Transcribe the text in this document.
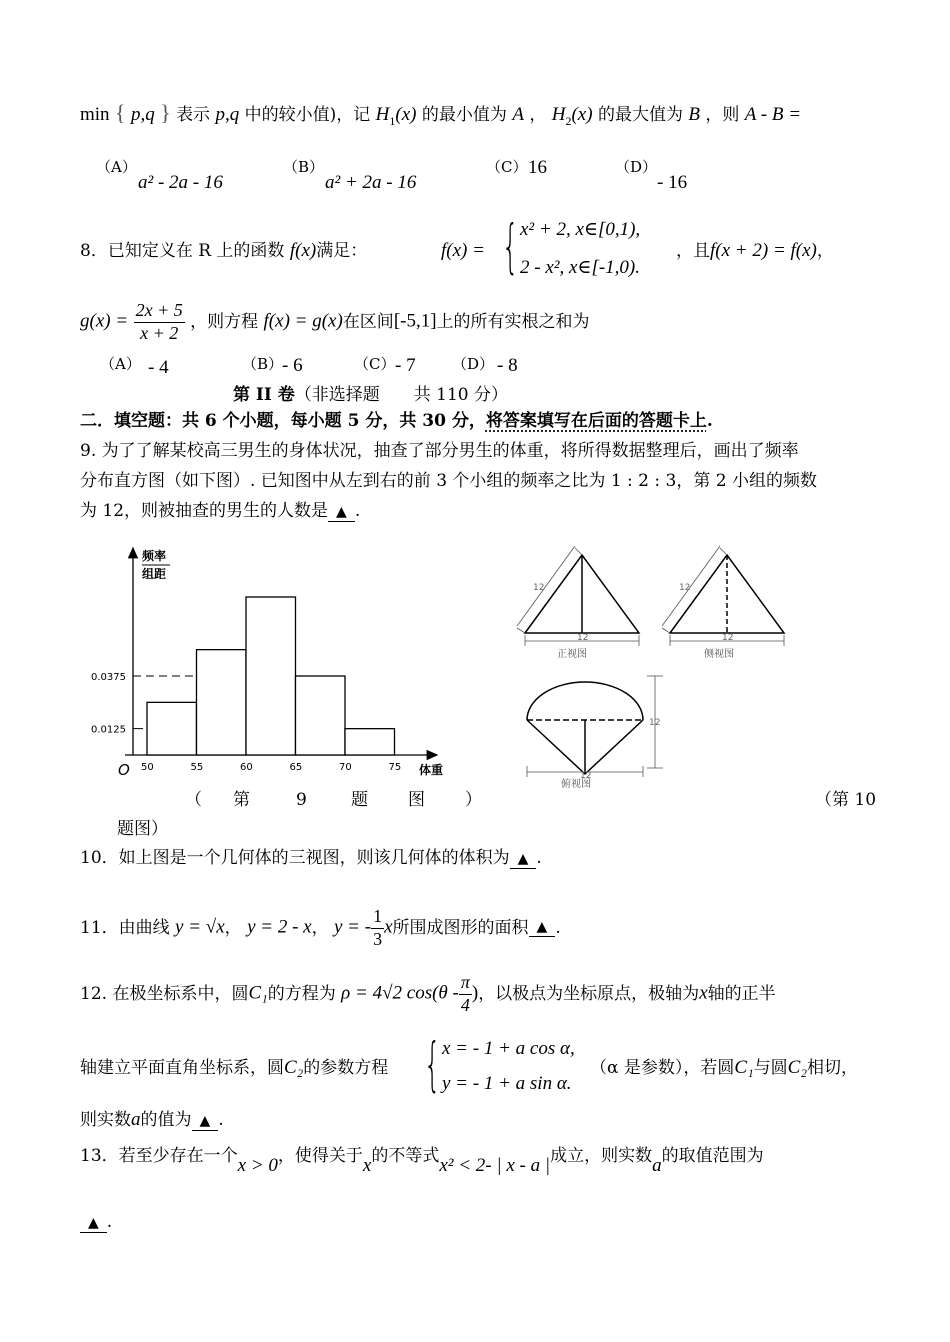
min { p,q } 表示 p,q 中的较小值)，记 $H_1(x)$ 的最小值为 A ， $H_2(x)$ 的最大值为 B ，则 A - B =
（A）
a² - 2a - 16
（B）
a² + 2a - 16
（C） 16	（D）
- 16
8．已知定义在 R 上的函数 f(x)满足：	f(x) = { x² + 2, x∈[0,1),
2 - x², x∈[-1,0).
，且f(x + 2) = f(x)，
$g(x) = \frac{2x + 5}{x + 2}$ ，则方程 f(x) = g(x)在区间[-5,1]上的所有实根之和为
（A） - 4	（B）
- 6	（C） - 7 （D） - 8
第 II 卷（非选择题　　共 110 分）
二．填空题：共 6 个小题，每小题 5 分，共 30 分，将答案填写在后面的答题卡上.
9. 为了了解某校高三男生的身体状况，抽查了部分男生的体重，将所得数据整理后，画出了频率
分布直方图（如下图）. 已知图中从左到右的前 3 个小组的频率之比为 1 : 2 : 3，第 2 小组的频数
为 12，则被抽查的男生的人数是 ▲ .
频率
组距
体重
O
0.0375
0.0125
50	55	60	65	70	75
12
12
正视图
12
12
侧视图
12
12
俯视图
（ 第	9	题 图 ）	（第 10
题图）
10．如上图是一个几何体的三视图，则该几何体的体积为 ▲ .
11．由曲线 y = √x， y = 2 - x， y = - $\frac{1}{3}$ x所围成图形的面积 ▲ .
12. 在极坐标系中，圆C₁的方程为 ρ = 4√2 $\cos(\theta - \frac{\pi}{4}$ )，以极点为坐标原点，极轴为x轴的正半
轴建立平面直角坐标系，圆C₂的参数方程 { x = - 1 + a cos α,
y = - 1 + a sin α.
（α 是参数），若圆C₁与圆C₂相切，
则实数a的值为 ▲ .
13．若至少存在一个x > 0，使得关于x的不等式x² < 2- | x - a |成立，则实数a的取值范围为
▲ .
